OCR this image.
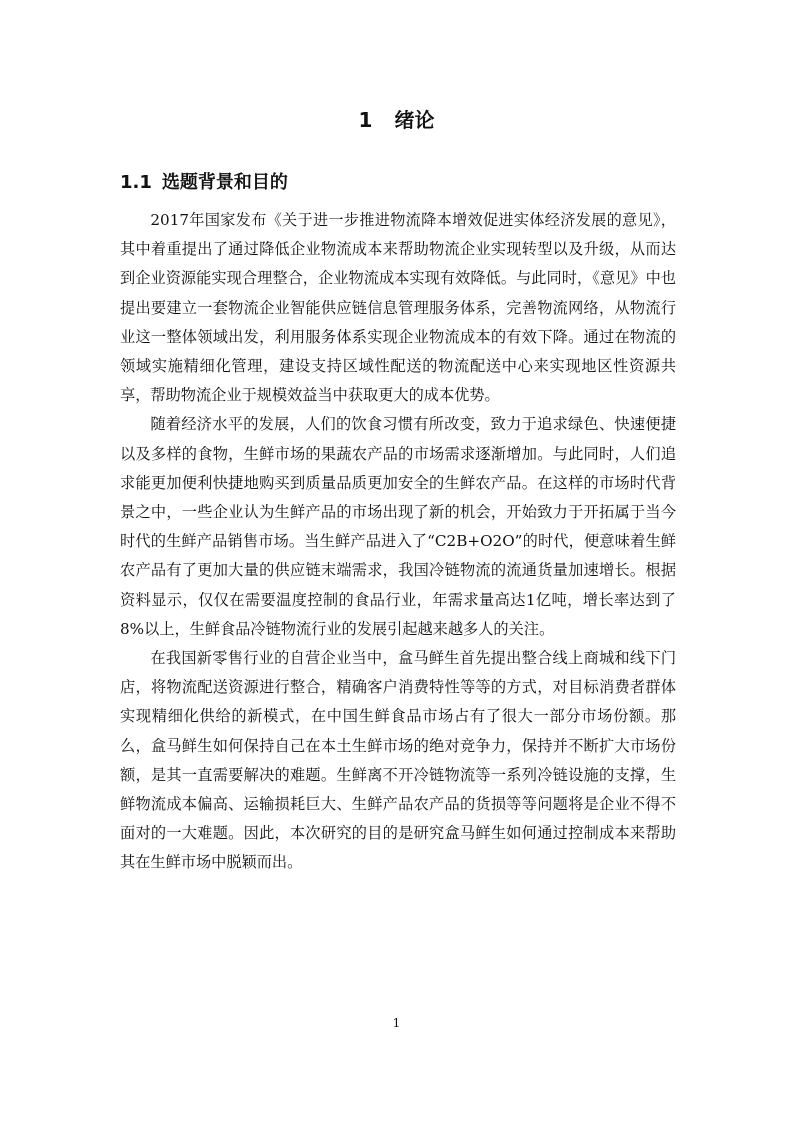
1 绪论
1.1 选题背景和目的

2017年国家发布《关于进一步推进物流降本增效促进实体经济发展的意见》，其中着重提出了通过降低企业物流成本来帮助物流企业实现转型以及升级，从而达到企业资源能实现合理整合，企业物流成本实现有效降低。与此同时，《意见》中也提出要建立一套物流企业智能供应链信息管理服务体系，完善物流网络，从物流行业这一整体领域出发，利用服务体系实现企业物流成本的有效下降。通过在物流的领域实施精细化管理，建设支持区域性配送的物流配送中心来实现地区性资源共享，帮助物流企业于规模效益当中获取更大的成本优势。

随着经济水平的发展，人们的饮食习惯有所改变，致力于追求绿色、快速便捷以及多样的食物，生鲜市场的果蔬农产品的市场需求逐渐增加。与此同时，人们追求能更加便利快捷地购买到质量品质更加安全的生鲜农产品。在这样的市场时代背景之中，一些企业认为生鲜产品的市场出现了新的机会，开始致力于开拓属于当今时代的生鲜产品销售市场。当生鲜产品进入了“C2B+O2O”的时代，便意味着生鲜农产品有了更加大量的供应链末端需求，我国冷链物流的流通货量加速增长。根据资料显示，仅仅在需要温度控制的食品行业，年需求量高达1亿吨，增长率达到了8%以上，生鲜食品冷链物流行业的发展引起越来越多人的关注。

在我国新零售行业的自营企业当中，盒马鲜生首先提出整合线上商城和线下门店，将物流配送资源进行整合，精确客户消费特性等等的方式，对目标消费者群体实现精细化供给的新模式，在中国生鲜食品市场占有了很大一部分市场份额。那么，盒马鲜生如何保持自己在本土生鲜市场的绝对竞争力，保持并不断扩大市场份额，是其一直需要解决的难题。生鲜离不开冷链物流等一系列冷链设施的支撑，生鲜物流成本偏高、运输损耗巨大、生鲜产品农产品的货损等等问题将是企业不得不面对的一大难题。因此，本次研究的目的是研究盒马鲜生如何通过控制成本来帮助其在生鲜市场中脱颖而出。

1
